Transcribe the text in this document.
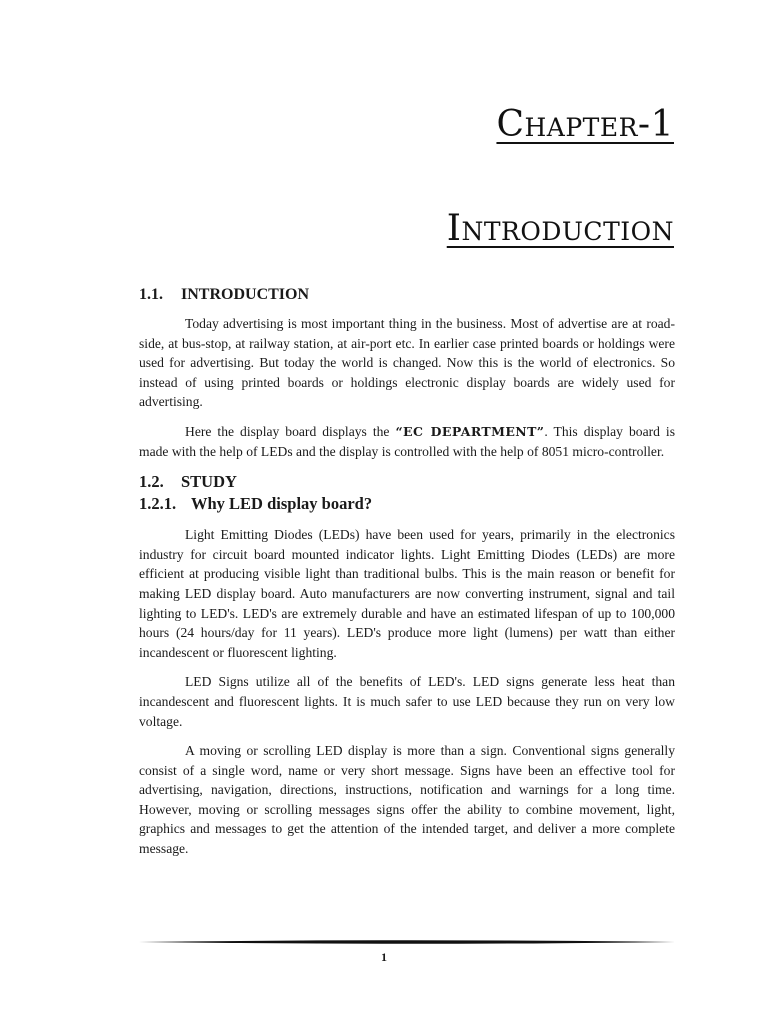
Chapter-1
Introduction
1.1. INTRODUCTION

Today advertising is most important thing in the business. Most of advertise are at road-side, at bus-stop, at railway station, at air-port etc. In earlier case printed boards or holdings were used for advertising. But today the world is changed. Now this is the world of electronics. So instead of using printed boards or holdings electronic display boards are widely used for advertising.

Here the display board displays the “EC DEPARTMENT”. This display board is made with the help of LEDs and the display is controlled with the help of 8051 micro-controller.

1.2. STUDY
1.2.1. Why LED display board?

Light Emitting Diodes (LEDs) have been used for years, primarily in the electronics industry for circuit board mounted indicator lights. Light Emitting Diodes (LEDs) are more efficient at producing visible light than traditional bulbs. This is the main reason or benefit for making LED display board. Auto manufacturers are now converting instrument, signal and tail lighting to LED's. LED's are extremely durable and have an estimated lifespan of up to 100,000 hours (24 hours/day for 11 years). LED's produce more light (lumens) per watt than either incandescent or fluorescent lighting.

LED Signs utilize all of the benefits of LED's. LED signs generate less heat than incandescent and fluorescent lights. It is much safer to use LED because they run on very low voltage.

A moving or scrolling LED display is more than a sign. Conventional signs generally consist of a single word, name or very short message. Signs have been an effective tool for advertising, navigation, directions, instructions, notification and warnings for a long time. However, moving or scrolling messages signs offer the ability to combine movement, light, graphics and messages to get the attention of the intended target, and deliver a more complete message.

1
